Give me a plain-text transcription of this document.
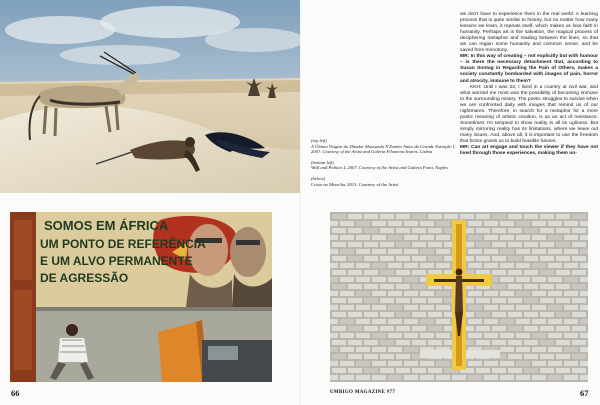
(top left)
A Última Viagem do Ditador Mussunda N'Zombo Antes da Grande Extinção I, 2007. Courtesy of the Artist and Galeria Filomena Soares, Lisboa
(bottom left)
Wall and Politics I, 2007. Courtesy of the Artist and Galeria Fonti, Naples
(below)
Cristo no Muro/ba, 2013. Courtesy of the Artist

we don't have to experience them in the real world. A learning process that is quite similar to history, but no matter how many lessons we learn, it repeats itself, which makes us lose faith in humanity. Perhaps art is the salvation, the magical process of deciphering metaphor and reading between the lines, so that we can regain some humanity and common sense, and be saved from monotony.

MR: In this way of creating – not explicitly but with humour – is there the necessary detachment that, according to Susan Sontag in Regarding the Pain of Others, makes a society constantly bombarded with images of pain, horror and atrocity, immune to them?

KKH: Until I was 23, I lived in a country at civil war, and what worried me most was the possibility of becoming immune to the surrounding misery. The poetic struggles to survive when we are confronted daily with images that remind us of our nightmares. Therefore, in search for a metaphor for a more poetic meaning of artistic creation, is as an act of resistance. Sometimes I'm tempted to show reality in all its ugliness. But simply mirroring reality has its limitations, where we leave out many issues. And, above all, it is important to use the freedom that fiction grants us to build feasible futures.

MR: Can art engage and touch the viewer if they have not lived through those experiences, making them un-

SOMOS EM ÁFRICA
UM PONTO DE REFERÊNCIA
E UM ALVO PERMANENTE
DE AGRESSÃO
66	UMBIGO MAGAZINE #77	67
